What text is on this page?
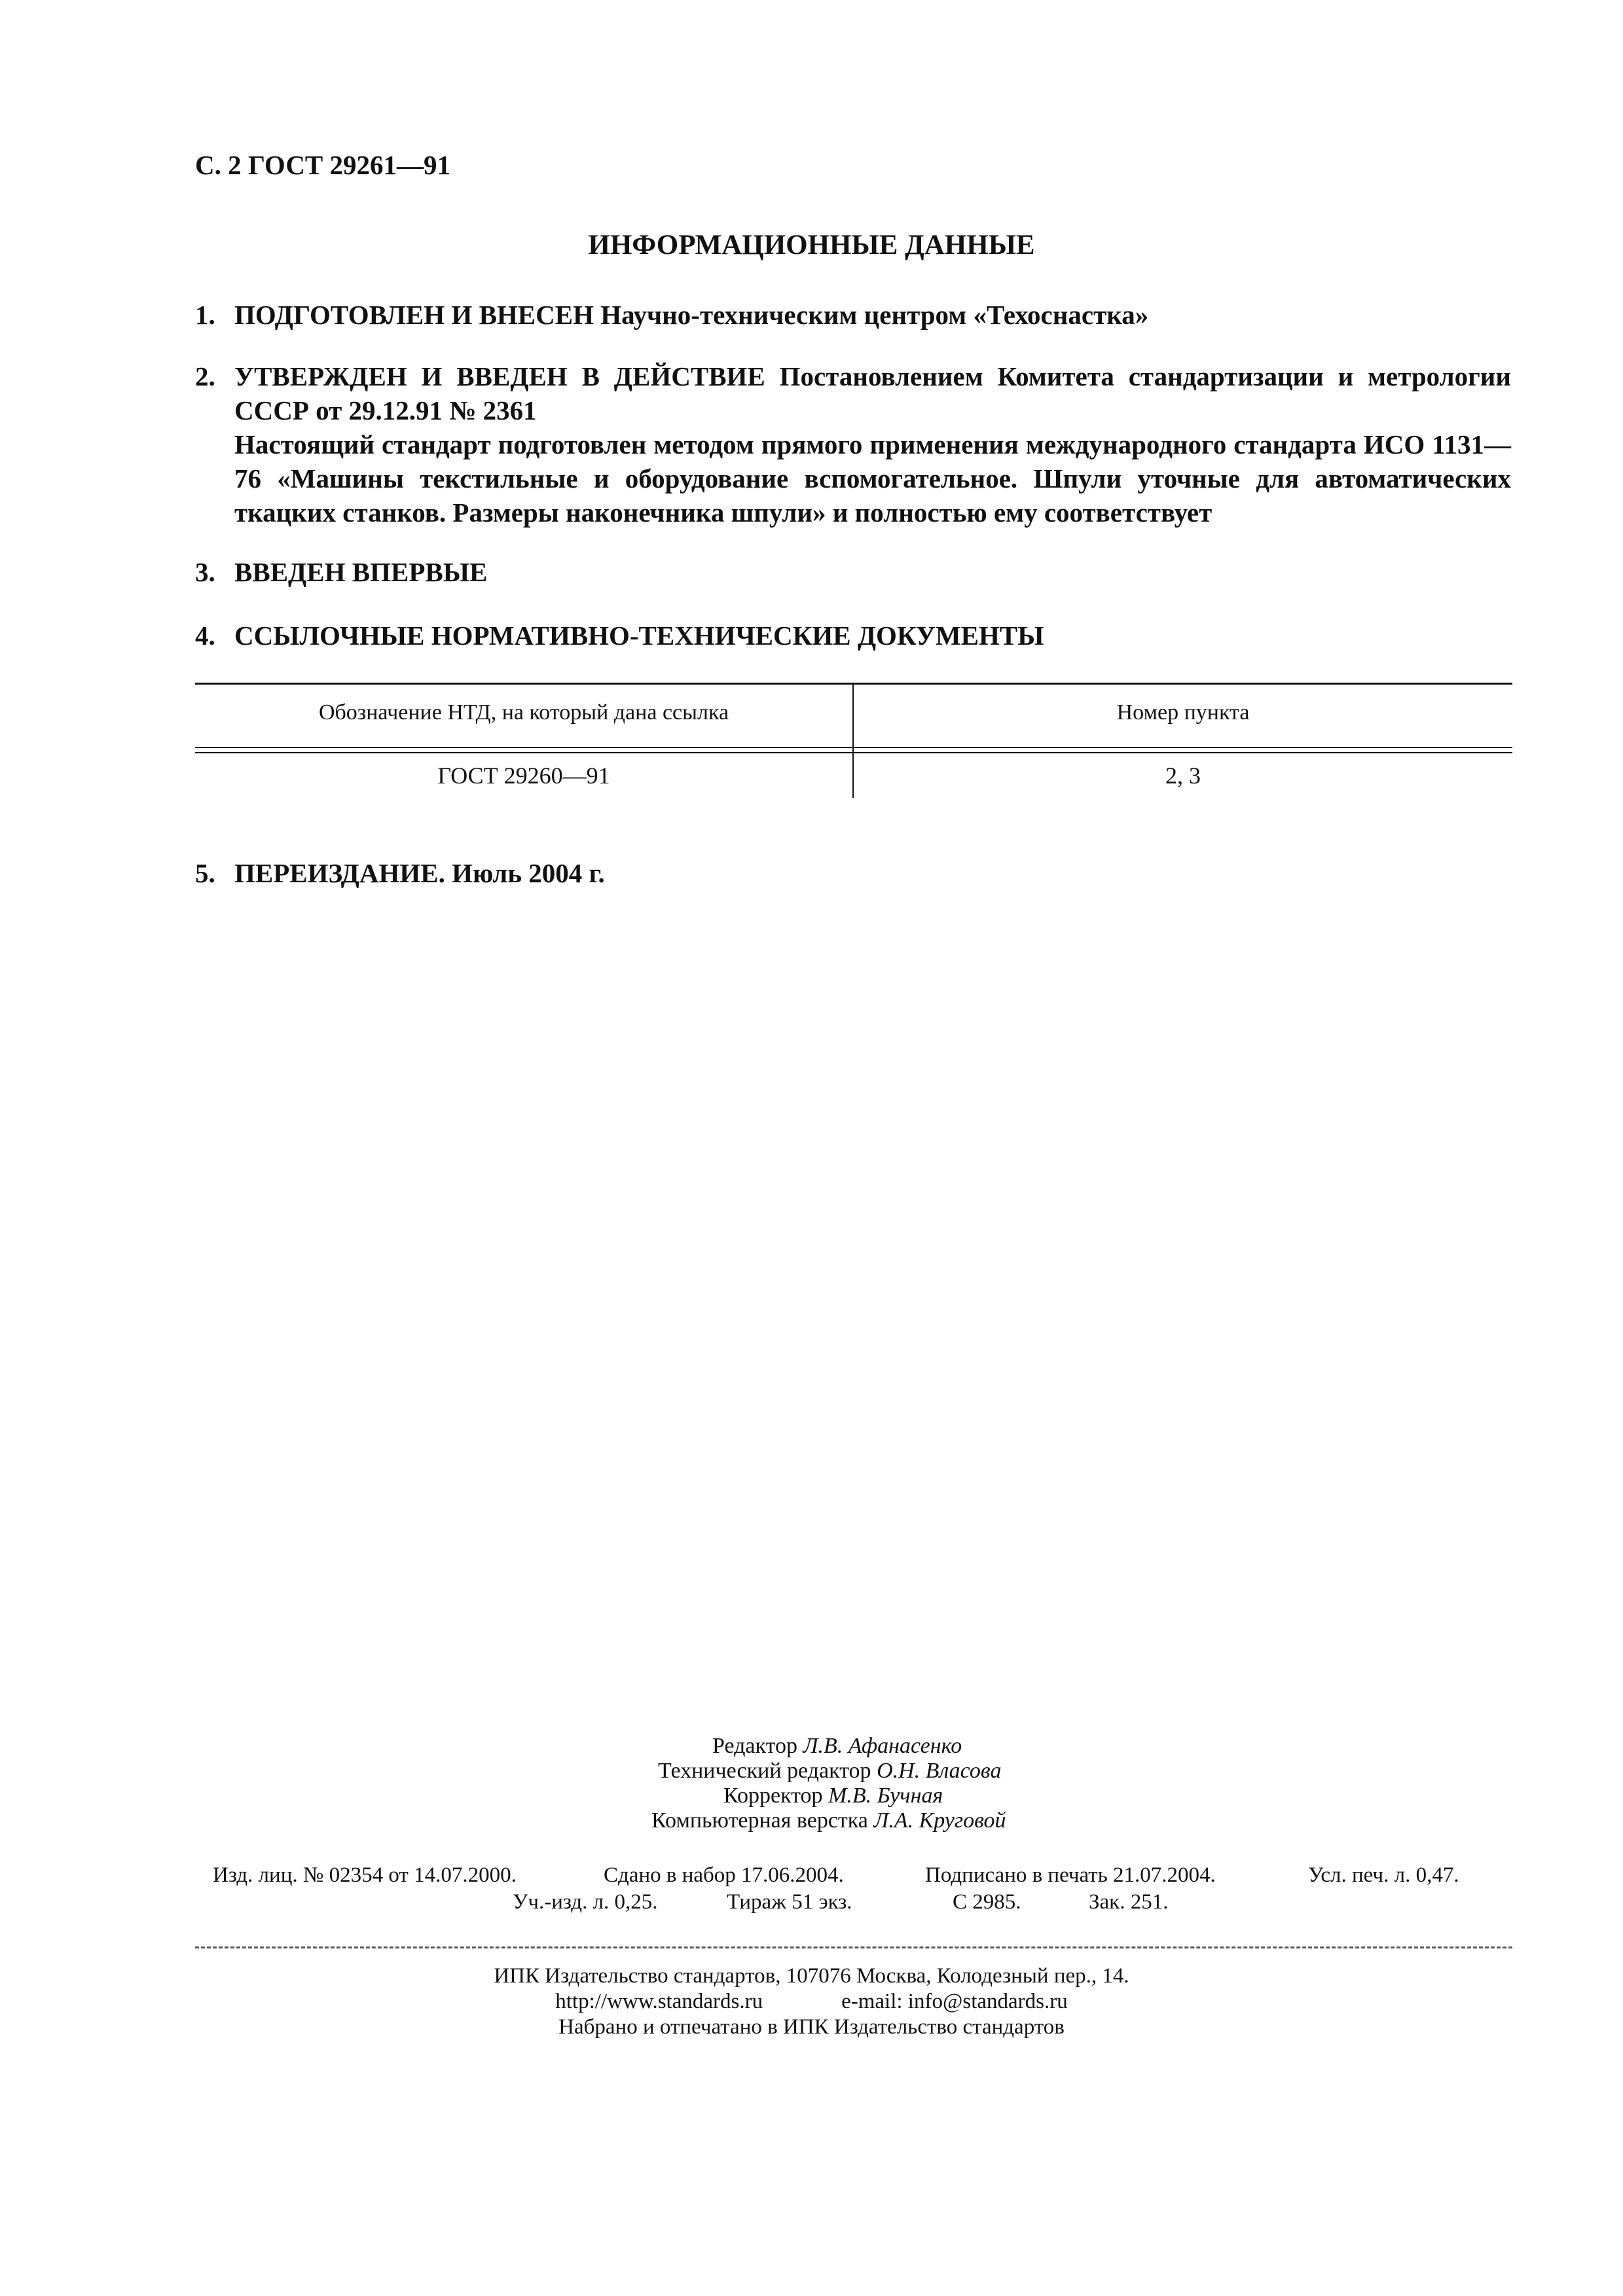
С. 2 ГОСТ 29261—91
ИНФОРМАЦИОННЫЕ ДАННЫЕ
1. ПОДГОТОВЛЕН И ВНЕСЕН Научно-техническим центром «Техоснастка»
2. УТВЕРЖДЕН И ВВЕДЕН В ДЕЙСТВИЕ Постановлением Комитета стандартизации и метрологии СССР от 29.12.91 № 2361
Настоящий стандарт подготовлен методом прямого применения международного стандарта ИСО 1131—76 «Машины текстильные и оборудование вспомогательное. Шпули уточные для автоматических ткацких станков. Размеры наконечника шпули» и полностью ему соответствует
3. ВВЕДЕН ВПЕРВЫЕ
4. ССЫЛОЧНЫЕ НОРМАТИВНО-ТЕХНИЧЕСКИЕ ДОКУМЕНТЫ
Обозначение НТД, на который дана ссылка	Номер пункта
ГОСТ 29260—91	2, 3
5. ПЕРЕИЗДАНИЕ. Июль 2004 г.
Редактор Л.В. Афанасенко
Технический редактор О.Н. Власова
Корректор М.В. Бучная
Компьютерная верстка Л.А. Круговой
Изд. лиц. № 02354 от 14.07.2000.	Сдано в набор 17.06.2004.	Подписано в печать 21.07.2004.	Усл. печ. л. 0,47.
Уч.-изд. л. 0,25.	Тираж 51 экз.	С 2985.	Зак. 251.
ИПК Издательство стандартов, 107076 Москва, Колодезный пер., 14.
http://www.standards.ru	e-mail: info@standards.ru
Набрано и отпечатано в ИПК Издательство стандартов
